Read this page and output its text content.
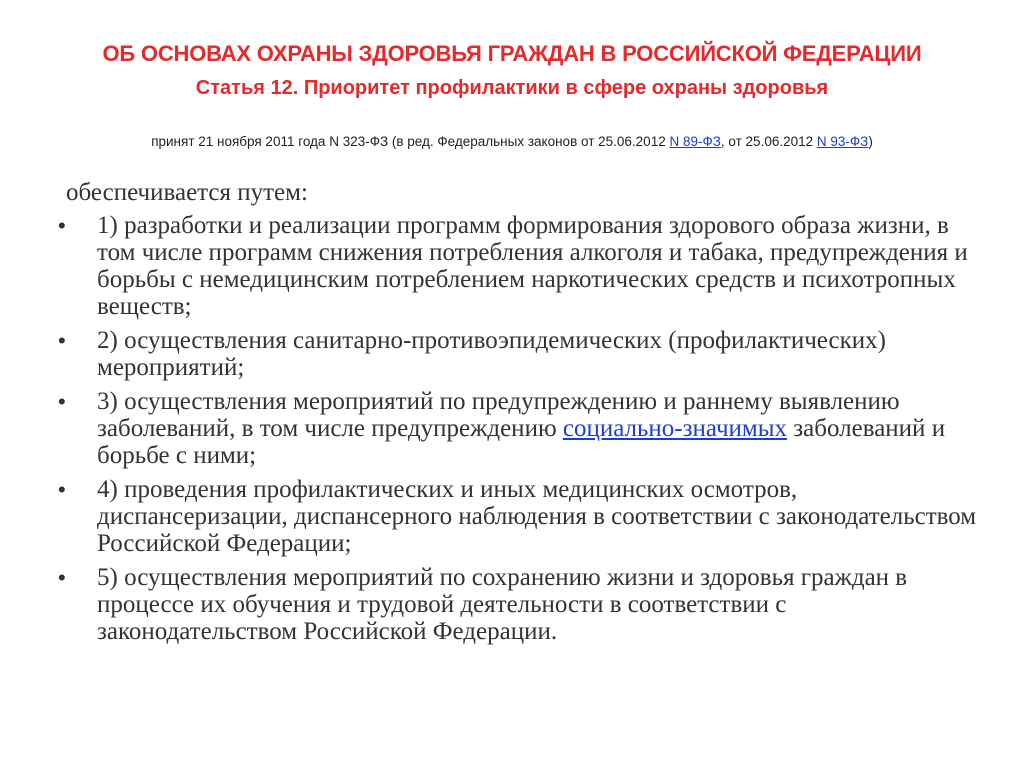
ОБ ОСНОВАХ ОХРАНЫ ЗДОРОВЬЯ ГРАЖДАН В РОССИЙСКОЙ ФЕДЕРАЦИИ
Статья 12. Приоритет профилактики в сфере охраны здоровья
принят 21 ноября 2011 года N 323-ФЗ (в ред. Федеральных законов от 25.06.2012 N 89-ФЗ, от 25.06.2012 N 93-ФЗ)
обеспечивается путем:
• 1) разработки и реализации программ формирования здорового образа жизни, в том числе программ снижения потребления алкоголя и табака, предупреждения и борьбы с немедицинским потреблением наркотических средств и психотропных веществ;
• 2) осуществления санитарно-противоэпидемических (профилактических) мероприятий;
• 3) осуществления мероприятий по предупреждению и раннему выявлению заболеваний, в том числе предупреждению социально-значимых заболеваний и борьбе с ними;
• 4) проведения профилактических и иных медицинских осмотров, диспансеризации, диспансерного наблюдения в соответствии с законодательством Российской Федерации;
• 5) осуществления мероприятий по сохранению жизни и здоровья граждан в процессе их обучения и трудовой деятельности в соответствии с законодательством Российской Федерации.
